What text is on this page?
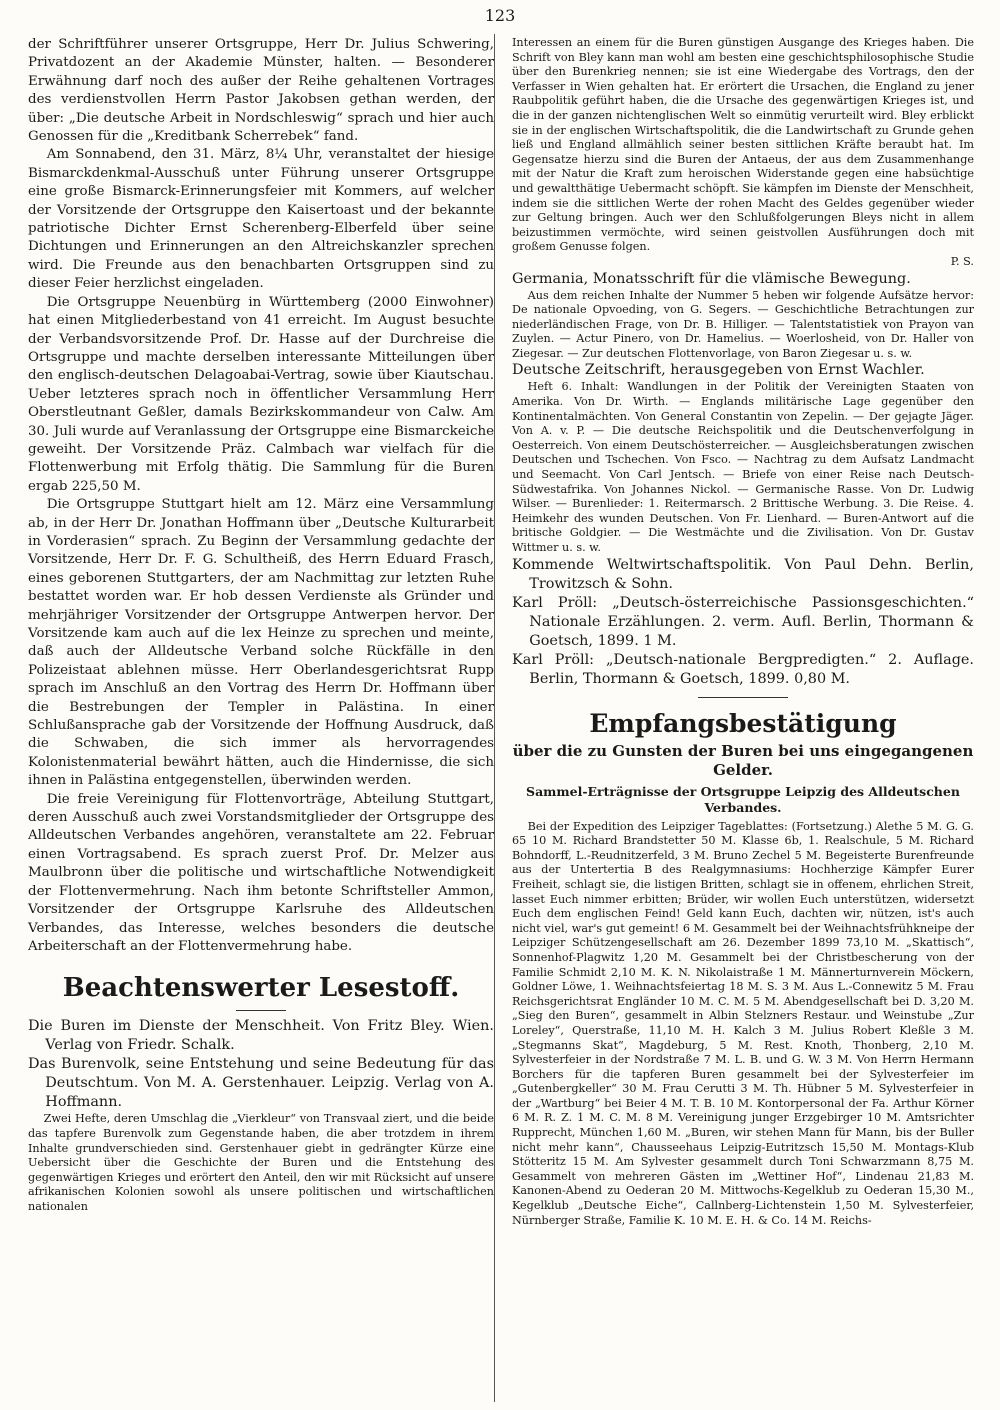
123

der Schriftführer unserer Ortsgruppe, Herr Dr. Julius Schwering, Privatdozent an der Akademie Münster, halten. — Besonderer Erwähnung darf noch des außer der Reihe gehaltenen Vortrages des verdienstvollen Herrn Pastor Jakobsen gethan werden, der über: „Die deutsche Arbeit in Nordschleswig“ sprach und hier auch Genossen für die „Kreditbank Scherrebek“ fand.

Am Sonnabend, den 31. März, 8¼ Uhr, veranstaltet der hiesige Bismarckdenkmal-Ausschuß unter Führung unserer Ortsgruppe eine große Bismarck-Erinnerungsfeier mit Kommers, auf welcher der Vorsitzende der Ortsgruppe den Kaisertoast und der bekannte patriotische Dichter Ernst Scherenberg-Elberfeld über seine Dichtungen und Erinnerungen an den Altreichskanzler sprechen wird. Die Freunde aus den benachbarten Ortsgruppen sind zu dieser Feier herzlichst eingeladen.

Die Ortsgruppe Neuenbürg in Württemberg (2000 Einwohner) hat einen Mitgliederbestand von 41 erreicht. Im August besuchte der Verbandsvorsitzende Prof. Dr. Hasse auf der Durchreise die Ortsgruppe und machte derselben interessante Mitteilungen über den englisch-deutschen Delagoabai-Vertrag, sowie über Kiautschau. Ueber letzteres sprach noch in öffentlicher Versammlung Herr Oberstleutnant Geßler, damals Bezirkskommandeur von Calw. Am 30. Juli wurde auf Veranlassung der Ortsgruppe eine Bismarckeiche geweiht. Der Vorsitzende Präz. Calmbach war vielfach für die Flottenwerbung mit Erfolg thätig. Die Sammlung für die Buren ergab 225,50 M.

Die Ortsgruppe Stuttgart hielt am 12. März eine Versammlung ab, in der Herr Dr. Jonathan Hoffmann über „Deutsche Kulturarbeit in Vorderasien“ sprach. Zu Beginn der Versammlung gedachte der Vorsitzende, Herr Dr. F. G. Schultheiß, des Herrn Eduard Frasch, eines geborenen Stuttgarters, der am Nachmittag zur letzten Ruhe bestattet worden war. Er hob dessen Verdienste als Gründer und mehrjähriger Vorsitzender der Ortsgruppe Antwerpen hervor. Der Vorsitzende kam auch auf die lex Heinze zu sprechen und meinte, daß auch der Alldeutsche Verband solche Rückfälle in den Polizeistaat ablehnen müsse. Herr Oberlandesgerichtsrat Rupp sprach im Anschluß an den Vortrag des Herrn Dr. Hoffmann über die Bestrebungen der Templer in Palästina. In einer Schlußansprache gab der Vorsitzende der Hoffnung Ausdruck, daß die Schwaben, die sich immer als hervorragendes Kolonistenmaterial bewährt hätten, auch die Hindernisse, die sich ihnen in Palästina entgegenstellen, überwinden werden.

Die freie Vereinigung für Flottenvorträge, Abteilung Stuttgart, deren Ausschuß auch zwei Vorstandsmitglieder der Ortsgruppe des Alldeutschen Verbandes angehören, veranstaltete am 22. Februar einen Vortragsabend. Es sprach zuerst Prof. Dr. Melzer aus Maulbronn über die politische und wirtschaftliche Notwendigkeit der Flottenvermehrung. Nach ihm betonte Schriftsteller Ammon, Vorsitzender der Ortsgruppe Karlsruhe des Alldeutschen Verbandes, das Interesse, welches besonders die deutsche Arbeiterschaft an der Flottenvermehrung habe.

Beachtenswerter Lesestoff.

Die Buren im Dienste der Menschheit. Von Fritz Bley. Wien. Verlag von Friedr. Schalk.

Das Burenvolk, seine Entstehung und seine Bedeutung für das Deutschtum. Von M. A. Gerstenhauer. Leipzig. Verlag von A. Hoffmann.

Zwei Hefte, deren Umschlag die „Vierkleur“ von Transvaal ziert, und die beide das tapfere Burenvolk zum Gegenstande haben, die aber trotzdem in ihrem Inhalte grundverschieden sind. Gerstenhauer giebt in gedrängter Kürze eine Uebersicht über die Geschichte der Buren und die Entstehung des gegenwärtigen Krieges und erörtert den Anteil, den wir mit Rücksicht auf unsere afrikanischen Kolonien sowohl als unsere politischen und wirtschaftlichen nationalen

Interessen an einem für die Buren günstigen Ausgange des Krieges haben. Die Schrift von Bley kann man wohl am besten eine geschichtsphilosophische Studie über den Burenkrieg nennen; sie ist eine Wiedergabe des Vortrags, den der Verfasser in Wien gehalten hat. Er erörtert die Ursachen, die England zu jener Raubpolitik geführt haben, die die Ursache des gegenwärtigen Krieges ist, und die in der ganzen nichtenglischen Welt so einmütig verurteilt wird. Bley erblickt sie in der englischen Wirtschaftspolitik, die die Landwirtschaft zu Grunde gehen ließ und England allmählich seiner besten sittlichen Kräfte beraubt hat. Im Gegensatze hierzu sind die Buren der Antaeus, der aus dem Zusammenhange mit der Natur die Kraft zum heroischen Widerstande gegen eine habsüchtige und gewaltthätige Uebermacht schöpft. Sie kämpfen im Dienste der Menschheit, indem sie die sittlichen Werte der rohen Macht des Geldes gegenüber wieder zur Geltung bringen. Auch wer den Schlußfolgerungen Bleys nicht in allem beizustimmen vermöchte, wird seinen geistvollen Ausführungen doch mit großem Genusse folgen.

P. S.

Germania, Monatsschrift für die vlämische Bewegung.

Aus dem reichen Inhalte der Nummer 5 heben wir folgende Aufsätze hervor: De nationale Opvoeding, von G. Segers. — Geschichtliche Betrachtungen zur niederländischen Frage, von Dr. B. Hilliger. — Talentstatistiek von Prayon van Zuylen. — Actur Pinero, von Dr. Hamelius. — Woerlosheid, von Dr. Haller von Ziegesar. — Zur deutschen Flottenvorlage, von Baron Ziegesar u. s. w.

Deutsche Zeitschrift, herausgegeben von Ernst Wachler.

Heft 6. Inhalt: Wandlungen in der Politik der Vereinigten Staaten von Amerika. Von Dr. Wirth. — Englands militärische Lage gegenüber den Kontinentalmächten. Von General Constantin von Zepelin. — Der gejagte Jäger. Von A. v. P. — Die deutsche Reichspolitik und die Deutschenverfolgung in Oesterreich. Von einem Deutschösterreicher. — Ausgleichsberatungen zwischen Deutschen und Tschechen. Von Fsco. — Nachtrag zu dem Aufsatz Landmacht und Seemacht. Von Carl Jentsch. — Briefe von einer Reise nach Deutsch-Südwestafrika. Von Johannes Nickol. — Germanische Rasse. Von Dr. Ludwig Wilser. — Burenlieder: 1. Reitermarsch. 2 Brittische Werbung. 3. Die Reise. 4. Heimkehr des wunden Deutschen. Von Fr. Lienhard. — Buren-Antwort auf die britische Goldgier. — Die Westmächte und die Zivilisation. Von Dr. Gustav Wittmer u. s. w.

Kommende Weltwirtschaftspolitik. Von Paul Dehn. Berlin, Trowitzsch & Sohn.

Karl Pröll: „Deutsch-österreichische Passionsgeschichten.“ Nationale Erzählungen. 2. verm. Aufl. Berlin, Thormann & Goetsch, 1899. 1 M.

Karl Pröll: „Deutsch-nationale Bergpredigten.“ 2. Auflage. Berlin, Thormann & Goetsch, 1899. 0,80 M.

Empfangsbestätigung
über die zu Gunsten der Buren bei uns eingegangenen Gelder.
Sammel-Erträgnisse der Ortsgruppe Leipzig des Alldeutschen Verbandes.

Bei der Expedition des Leipziger Tageblattes: (Fortsetzung.) Alethe 5 M. G. G. 65 10 M. Richard Brandstetter 50 M. Klasse 6b, 1. Realschule, 5 M. Richard Bohndorff, L.-Reudnitzerfeld, 3 M. Bruno Zechel 5 M. Begeisterte Burenfreunde aus der Untertertia B des Realgymnasiums: Hochherzige Kämpfer Eurer Freiheit, schlagt sie, die listigen Britten, schlagt sie in offenem, ehrlichen Streit, lasset Euch nimmer erbitten; Brüder, wir wollen Euch unterstützen, widersetzt Euch dem englischen Feind! Geld kann Euch, dachten wir, nützen, ist's auch nicht viel, war's gut gemeint! 6 M. Gesammelt bei der Weihnachtsfrühkneipe der Leipziger Schützengesellschaft am 26. Dezember 1899 73,10 M. „Skattisch“, Sonnenhof-Plagwitz 1,20 M. Gesammelt bei der Christbescherung von der Familie Schmidt 2,10 M. K. N. Nikolaistraße 1 M. Männerturnverein Möckern, Goldner Löwe, 1. Weihnachtsfeiertag 18 M. S. 3 M. Aus L.-Connewitz 5 M. Frau Reichsgerichtsrat Engländer 10 M. C. M. 5 M. Abendgesellschaft bei D. 3,20 M. „Sieg den Buren“, gesammelt in Albin Stelzners Restaur. und Weinstube „Zur Loreley“, Querstraße, 11,10 M. H. Kalch 3 M. Julius Robert Kleßle 3 M. „Stegmanns Skat“, Magdeburg, 5 M. Rest. Knoth, Thonberg, 2,10 M. Sylvesterfeier in der Nordstraße 7 M. L. B. und G. W. 3 M. Von Herrn Hermann Borchers für die tapferen Buren gesammelt bei der Sylvesterfeier im „Gutenbergkeller“ 30 M. Frau Cerutti 3 M. Th. Hübner 5 M. Sylvesterfeier in der „Wartburg“ bei Beier 4 M. T. B. 10 M. Kontorpersonal der Fa. Arthur Körner 6 M. R. Z. 1 M. C. M. 8 M. Vereinigung junger Erzgebirger 10 M. Amtsrichter Rupprecht, München 1,60 M. „Buren, wir stehen Mann für Mann, bis der Buller nicht mehr kann“, Chausseehaus Leipzig-Eutritzsch 15,50 M. Montags-Klub Stötteritz 15 M. Am Sylvester gesammelt durch Toni Schwarzmann 8,75 M. Gesammelt von mehreren Gästen im „Wettiner Hof“, Lindenau 21,83 M. Kanonen-Abend zu Oederan 20 M. Mittwochs-Kegelklub zu Oederan 15,30 M., Kegelklub „Deutsche Eiche“, Callnberg-Lichtenstein 1,50 M. Sylvesterfeier, Nürnberger Straße, Familie K. 10 M. E. H. & Co. 14 M. Reichs-
